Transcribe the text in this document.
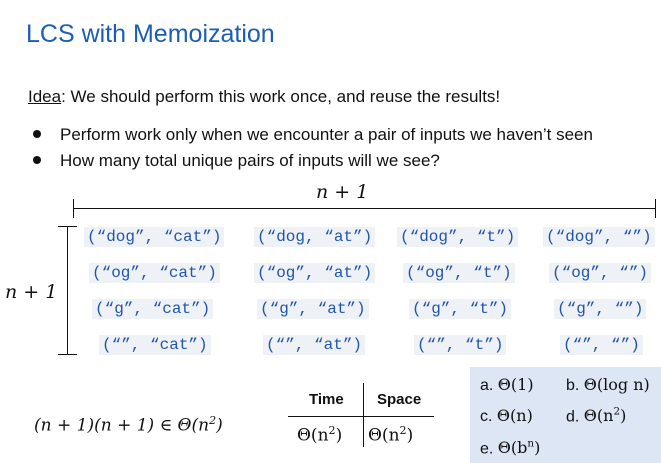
LCS with Memoization
Idea: We should perform this work once, and reuse the results!
Perform work only when we encounter a pair of inputs we haven’t seen
How many total unique pairs of inputs will we see?
n + 1
n + 1
(“dog”, “cat”) (“dog, “at”) (“dog”, “t”) (“dog”, “”)
(“og”, “cat”)	(“og”, “at”) (“og”, “t”)	(“og”, “”)
(“g”, “cat”)	(“g”, “at”)	(“g”, “t”)	(“g”, “”)
(“”, “cat”)	(“”, “at”)	(“”, “t”)	(“”, “”)
(n + 1)(n + 1) ∈ $\Theta(n^2)$
Time Space
$\Theta(n^2)$ $\Theta(n^2)$
a. Θ(1) b. Θ(log n)
c. Θ(n) d. $\Theta(n^2)$
e. $\Theta(b^n)$
